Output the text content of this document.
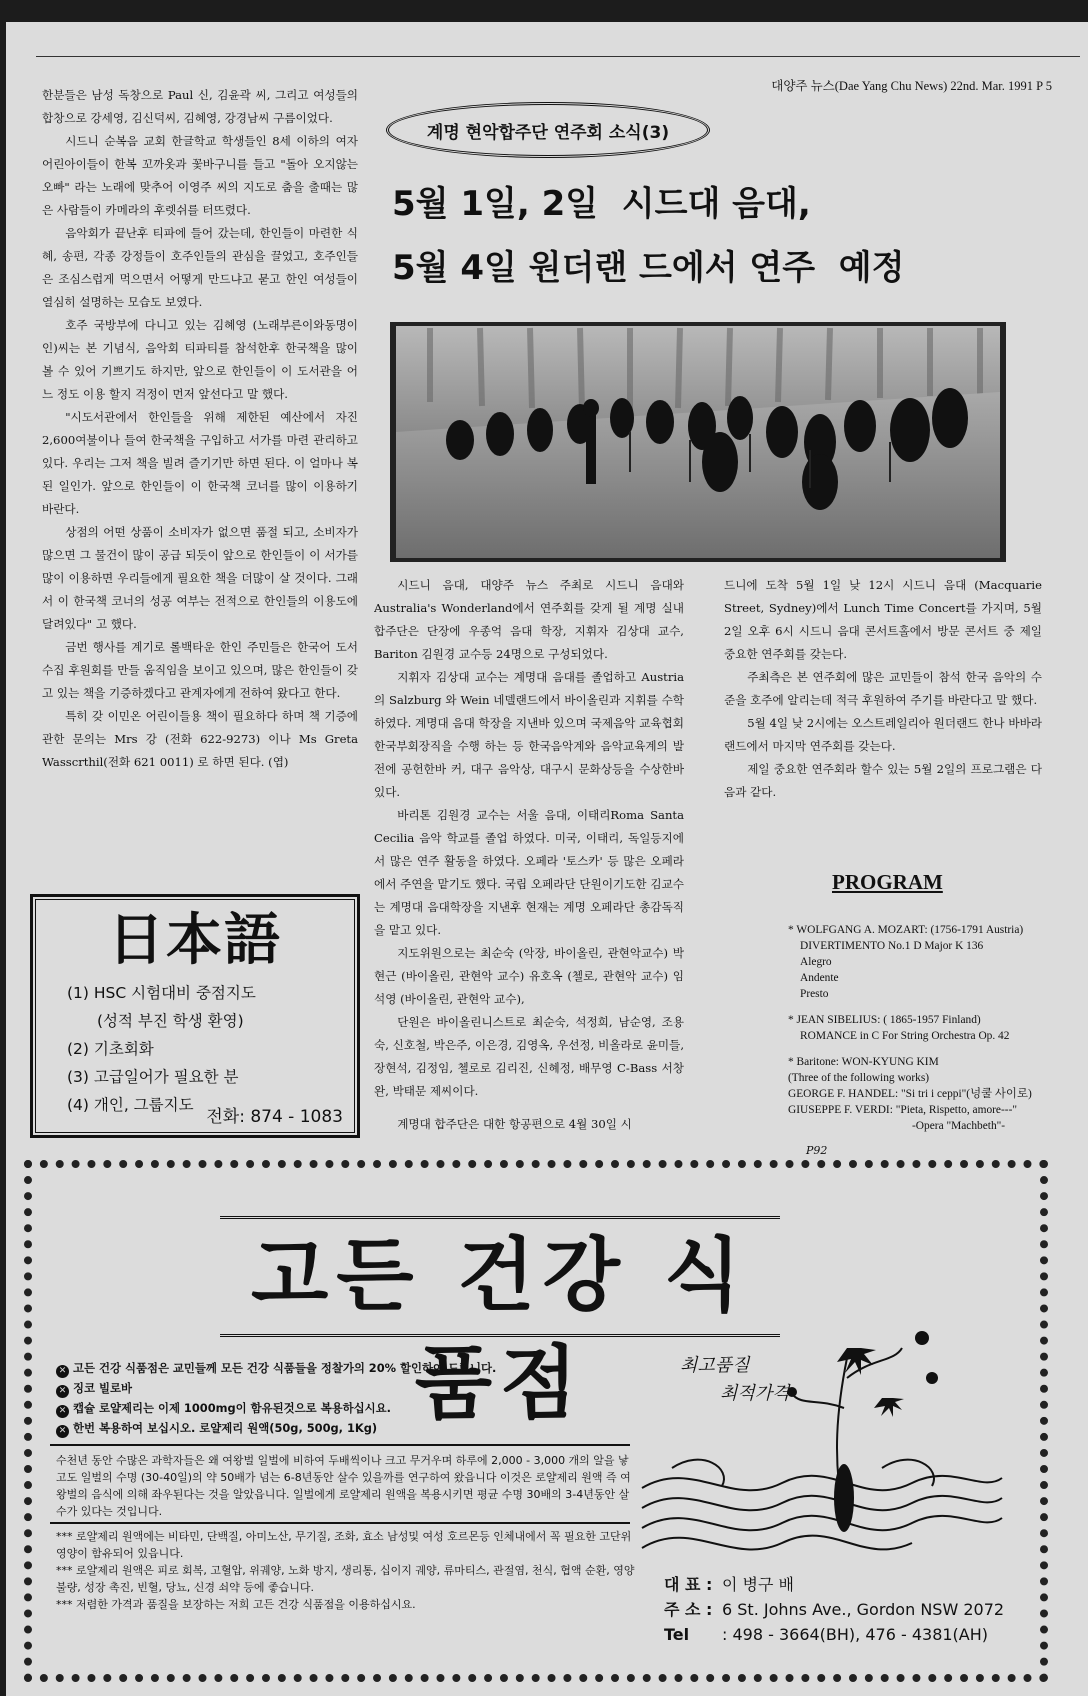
대양주 뉴스(Dae Yang Chu News) 22nd. Mar. 1991 P 5

한분들은 남성 독창으로 Paul 신, 김윤곽 씨, 그리고 여성들의 합창으로 강세영, 김신덕씨, 김혜영, 강경남씨 구름이었다.

시드니 순복음 교회 한글학교 학생들인 8세 이하의 여자 어린아이들이 한복 꼬까옷과 꽃바구니를 들고 "돌아 오지않는 오빠" 라는 노래에 맞추어 이영주 씨의 지도로 춤을 출때는 많은 사람들이 카메라의 후렛쉬를 터뜨렸다.

음악회가 끝난후 티파에 들어 갔는데, 한인들이 마련한 식혜, 송편, 각종 강정들이 호주인들의 관심을 끌었고, 호주인들은 조심스럽게 먹으면서 어떻게 만드냐고 묻고 한인 여성들이 열심히 설명하는 모습도 보였다.

호주 국방부에 다니고 있는 김혜영 (노래부른이와동명이인)씨는 본 기념식, 음악회 티파티를 참석한후 한국책을 많이 볼 수 있어 기쁘기도 하지만, 앞으로 한인들이 이 도서관을 어느 정도 이용 할지 걱정이 먼저 앞선다고 말 했다.

"시도서관에서 한인들을 위해 제한된 예산에서 자진 2,600여불이나 들여 한국책을 구입하고 서가를 마련 관리하고 있다. 우리는 그저 책을 빌려 즐기기만 하면 된다. 이 얼마나 복된 일인가. 앞으로 한인들이 이 한국책 코너를 많이 이용하기 바란다.

상점의 어떤 상품이 소비자가 없으면 품절 되고, 소비자가 많으면 그 물건이 많이 공급 되듯이 앞으로 한인들이 이 서가를 많이 이용하면 우리들에게 필요한 책을 더많이 살 것이다. 그래서 이 한국책 코너의 성공 여부는 전적으로 한인들의 이용도에 달려있다" 고 했다.

금번 행사를 계기로 롤백타운 한인 주민들은 한국어 도서 수집 후원회를 만들 움직임을 보이고 있으며, 많은 한인들이 갖고 있는 책을 기증하겠다고 관계자에게 전하여 왔다고 한다.

특히 갖 이민온 어린이들용 책이 필요하다 하며 책 기증에 관한 문의는 Mrs 강 (전화 622-9273) 이나 Ms Greta Wasscrthil(전화 621 0011) 로 하면 된다. (엽)

日本語
(1) HSC 시험대비 중점지도
(성적 부진 학생 환영)
(2) 기초회화
(3) 고급일어가 필요한 분
(4) 개인, 그룹지도
전화: 874 - 1083
계명 현악합주단 연주회 소식(3)
5월 1일, 2일  시드대 음대,
5월 4일 원더랜 드에서 연주  예정

시드니 음대, 대양주 뉴스 주최로 시드니 음대와 Australia's Wonderland에서 연주회를 갖게 될 계명 실내합주단은 단장에 우종억 음대 학장, 지휘자 김상대 교수, Bariton 김원경 교수등 24명으로 구성되었다.

지휘자 김상대 교수는 계명대 음대를 졸업하고 Austria의 Salzburg 와 Wein 네델랜드에서 바이올린과 지휘를 수학 하였다. 계명대 음대 학장을 지낸바 있으며 국제음악 교육협회 한국부회장직을 수행 하는 등 한국음악계와 음악교육계의 발전에 공헌한바 커, 대구 음악상, 대구시 문화상등을 수상한바 있다.

바리톤 김원경 교수는 서울 음대, 이태리Roma Santa Cecilia 음악 학교를 졸업 하였다. 미국, 이태리, 독일등지에서 많은 연주 활동을 하였다. 오페라 '토스카' 등 많은 오페라에서 주연을 맡기도 했다. 국립 오페라단 단원이기도한 김교수는 계명대 음대학장을 지낸후 현재는 계명 오페라단 총감독직을 맡고 있다.

지도위원으로는 최순숙 (악장, 바이올린, 관현악교수) 박현근 (바이올린, 관현악 교수) 유호옥 (첼로, 관현악 교수) 임석영 (바이올린, 관현악 교수),

단원은 바이올린니스트로 최순숙, 석정희, 남순영, 조용숙, 신호철, 박은주, 이은경, 김영옥, 우선정, 비올라로 윤미들, 장현석, 김정임, 첼로로 김리진, 신혜정, 배무영 C-Bass 서창완, 박태문 제씨이다.

계명대 합주단은 대한 항공편으로 4월 30일 시

드니에 도착 5월 1일 낮 12시 시드니 음대 (Macquarie Street, Sydney)에서 Lunch Time Concert를 가지며, 5월 2일 오후 6시 시드니 음대 콘서트홀에서 방문 콘서트 중 제일 중요한 연주회를 갖는다.

주최측은 본 연주회에 많은 교민들이 참석 한국 음악의 수준을 호주에 알리는데 적극 후원하여 주기를 바란다고 말 했다.

5월 4일 낮 2시에는 오스트레일리아 원더랜드 한나 바바라 랜드에서 마지막 연주회를 갖는다.

제일 중요한 연주회라 할수 있는 5월 2일의 프로그램은 다음과 같다.

PROGRAM
* WOLFGANG A. MOZART: (1756-1791 Austria)
DIVERTIMENTO No.1 D Major K 136
Alegro
Andente
Presto
* JEAN SIBELIUS: ( 1865-1957 Finland)
ROMANCE in C For String Orchestra Op. 42
* Baritone: WON-KYUNG KIM
(Three of the following works)
GEORGE F. HANDEL: "Si tri i ceppi"(넝쿨 사이로)
GIUSEPPE F. VERDI: "Pieta, Rispetto, amore---"
-Opera "Machbeth"-
P92
고든 건강 식품점
✕ 고든 건강 식품점은 교민들께 모든 건강 식품들을 정찰가의 20% 할인하여 드립니다.
✕ 징코 빌로바
✕ 캡슐 로얄제리는 이제 1000mg이 함유된것으로 복용하십시요.
✕ 한번 복용하여 보십시오. 로얄제리 원액(50g, 500g, 1Kg)

수천년 동안 수많은 과학자들은 왜 여왕벌 일벌에 비하여 두배씩이나 크고 무거우며 하루에 2,000 - 3,000 개의 알을 낳고도 일벌의 수명 (30-40일)의 약 50배가 넘는 6-8년동안 살수 있을까를 연구하여 왔읍니다 이것은 로얄제리 원액 즉 여왕벌의 음식에 의해 좌우된다는 것을 알았읍니다. 일벌에게 로얄제리 원액을 복용시키면 평균 수명 30배의 3-4년동안 살수가 있다는 것입니다.

*** 로얄제리 원액에는 비타민, 단백질, 아미노산, 무기질, 조화, 효소 남성및 여성 호르몬등 인체내에서 꼭 필요한 고단위영양이 함유되어 있읍니다.
*** 로얄제리 원액은 피로 회복, 고혈압, 위궤양, 노화 방지, 생리통, 십이지 궤양, 류마티스, 관절염, 천식, 협액 순환, 영양 불량, 성장 촉진, 빈혈, 당뇨, 신경 쇠약 등에 좋습니다.
*** 저렴한 가격과 품질을 보장하는 저희 고든 건강 식품점을 이용하십시요.
최고품질
최적가격
대 표 : 이 병구 배
주 소 : 6 St. Johns Ave., Gordon NSW 2072
Tel : 498 - 3664(BH), 476 - 4381(AH)
